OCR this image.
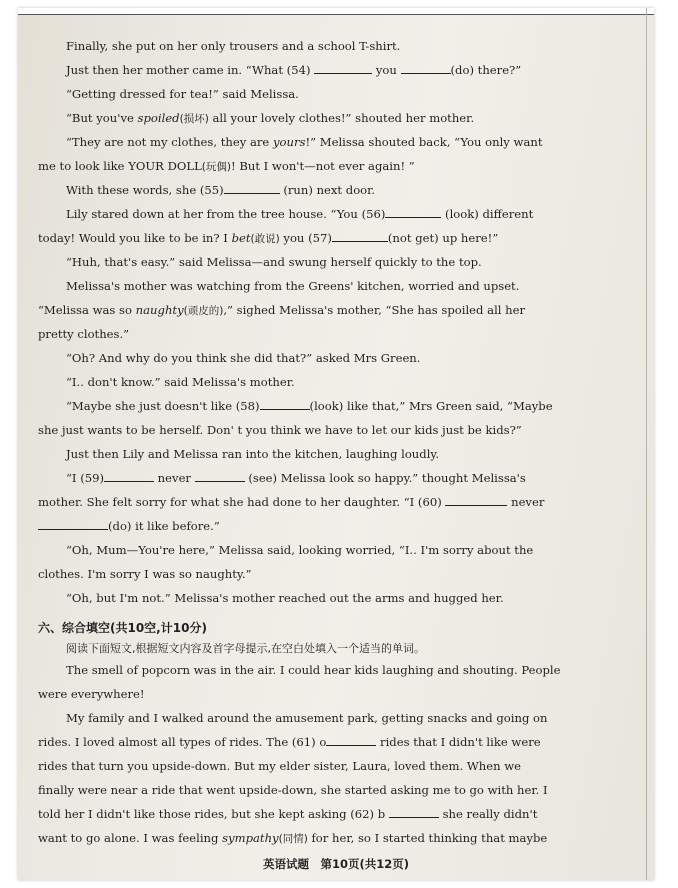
Finally, she put on her only trousers and a school T-shirt.
Just then her mother came in. “What (54)	you	(do) there?”
“Getting dressed for tea!” said Melissa.
“But you've spoiled(损坏) all your lovely clothes!” shouted her mother.
“They are not my clothes, they are yours!” Melissa shouted back, “You only want
me to look like YOUR DOLL(玩偶)! But I won't—not ever again! ”
With these words, she (55)	(run) next door.
Lily stared down at her from the tree house. “You (56)	(look) different
today! Would you like to be in? I bet(敢说) you (57)	(not get) up here!”
“Huh, that's easy.” said Melissa—and swung herself quickly to the top.
Melissa's mother was watching from the Greens' kitchen, worried and upset.
“Melissa was so naughty(顽皮的),” sighed Melissa's mother, “She has spoiled all her
pretty clothes.”
“Oh? And why do you think she did that?” asked Mrs Green.
“I.. don't know.” said Melissa's mother.
“Maybe she just doesn't like (58)	(look) like that,” Mrs Green said, “Maybe
she just wants to be herself. Don' t you think we have to let our kids just be kids?”
Just then Lily and Melissa ran into the kitchen, laughing loudly.
“I (59)	never	(see) Melissa look so happy.” thought Melissa's
mother. She felt sorry for what she had done to her daughter. “I (60)	never
(do) it like before.”
“Oh, Mum—You're here,” Melissa said, looking worried, “I.. I'm sorry about the
clothes. I'm sorry I was so naughty.”
“Oh, but I'm not.” Melissa's mother reached out the arms and hugged her.
六、综合填空(共10空,计10分)
阅读下面短文,根据短文内容及首字母提示,在空白处填入一个适当的单词。
The smell of popcorn was in the air. I could hear kids laughing and shouting. People
were everywhere!
My family and I walked around the amusement park, getting snacks and going on
rides. I loved almost all types of rides. The (61) o	rides that I didn't like were
rides that turn you upside-down. But my elder sister, Laura, loved them. When we
finally were near a ride that went upside-down, she started asking me to go with her. I
told her I didn't like those rides, but she kept asking (62) b	she really didn't
want to go alone. I was feeling sympathy(同情) for her, so I started thinking that maybe
英语试题　第10页(共12页)
